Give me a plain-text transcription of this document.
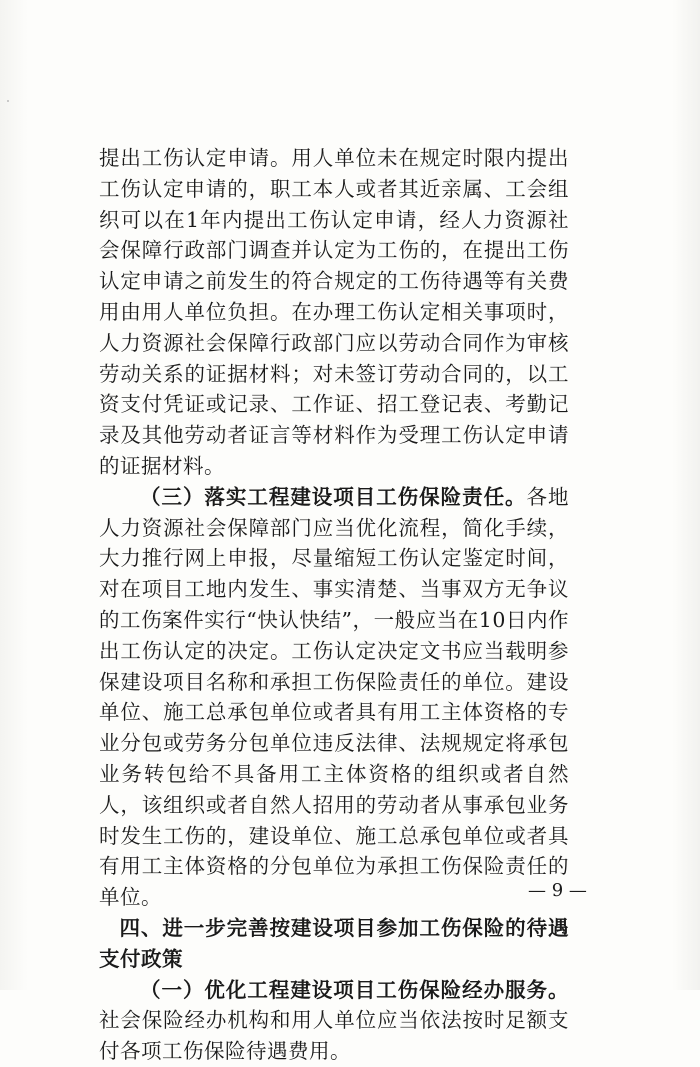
提出工伤认定申请。用人单位未在规定时限内提出工伤认定申请的，职工本人或者其近亲属、工会组织可以在1年内提出工伤认定申请，经人力资源社会保障行政部门调查并认定为工伤的，在提出工伤认定申请之前发生的符合规定的工伤待遇等有关费用由用人单位负担。在办理工伤认定相关事项时，人力资源社会保障行政部门应以劳动合同作为审核劳动关系的证据材料；对未签订劳动合同的，以工资支付凭证或记录、工作证、招工登记表、考勤记录及其他劳动者证言等材料作为受理工伤认定申请的证据材料。

（三）落实工程建设项目工伤保险责任。各地人力资源社会保障部门应当优化流程，简化手续，大力推行网上申报，尽量缩短工伤认定鉴定时间，对在项目工地内发生、事实清楚、当事双方无争议的工伤案件实行“快认快结”，一般应当在10日内作出工伤认定的决定。工伤认定决定文书应当载明参保建设项目名称和承担工伤保险责任的单位。建设单位、施工总承包单位或者具有用工主体资格的专业分包或劳务分包单位违反法律、法规规定将承包业务转包给不具备用工主体资格的组织或者自然人，该组织或者自然人招用的劳动者从事承包业务时发生工伤的，建设单位、施工总承包单位或者具有用工主体资格的分包单位为承担工伤保险责任的单位。

四、进一步完善按建设项目参加工伤保险的待遇支付政策

（一）优化工程建设项目工伤保险经办服务。社会保险经办机构和用人单位应当依法按时足额支付各项工伤保险待遇费用。

— 9 —
